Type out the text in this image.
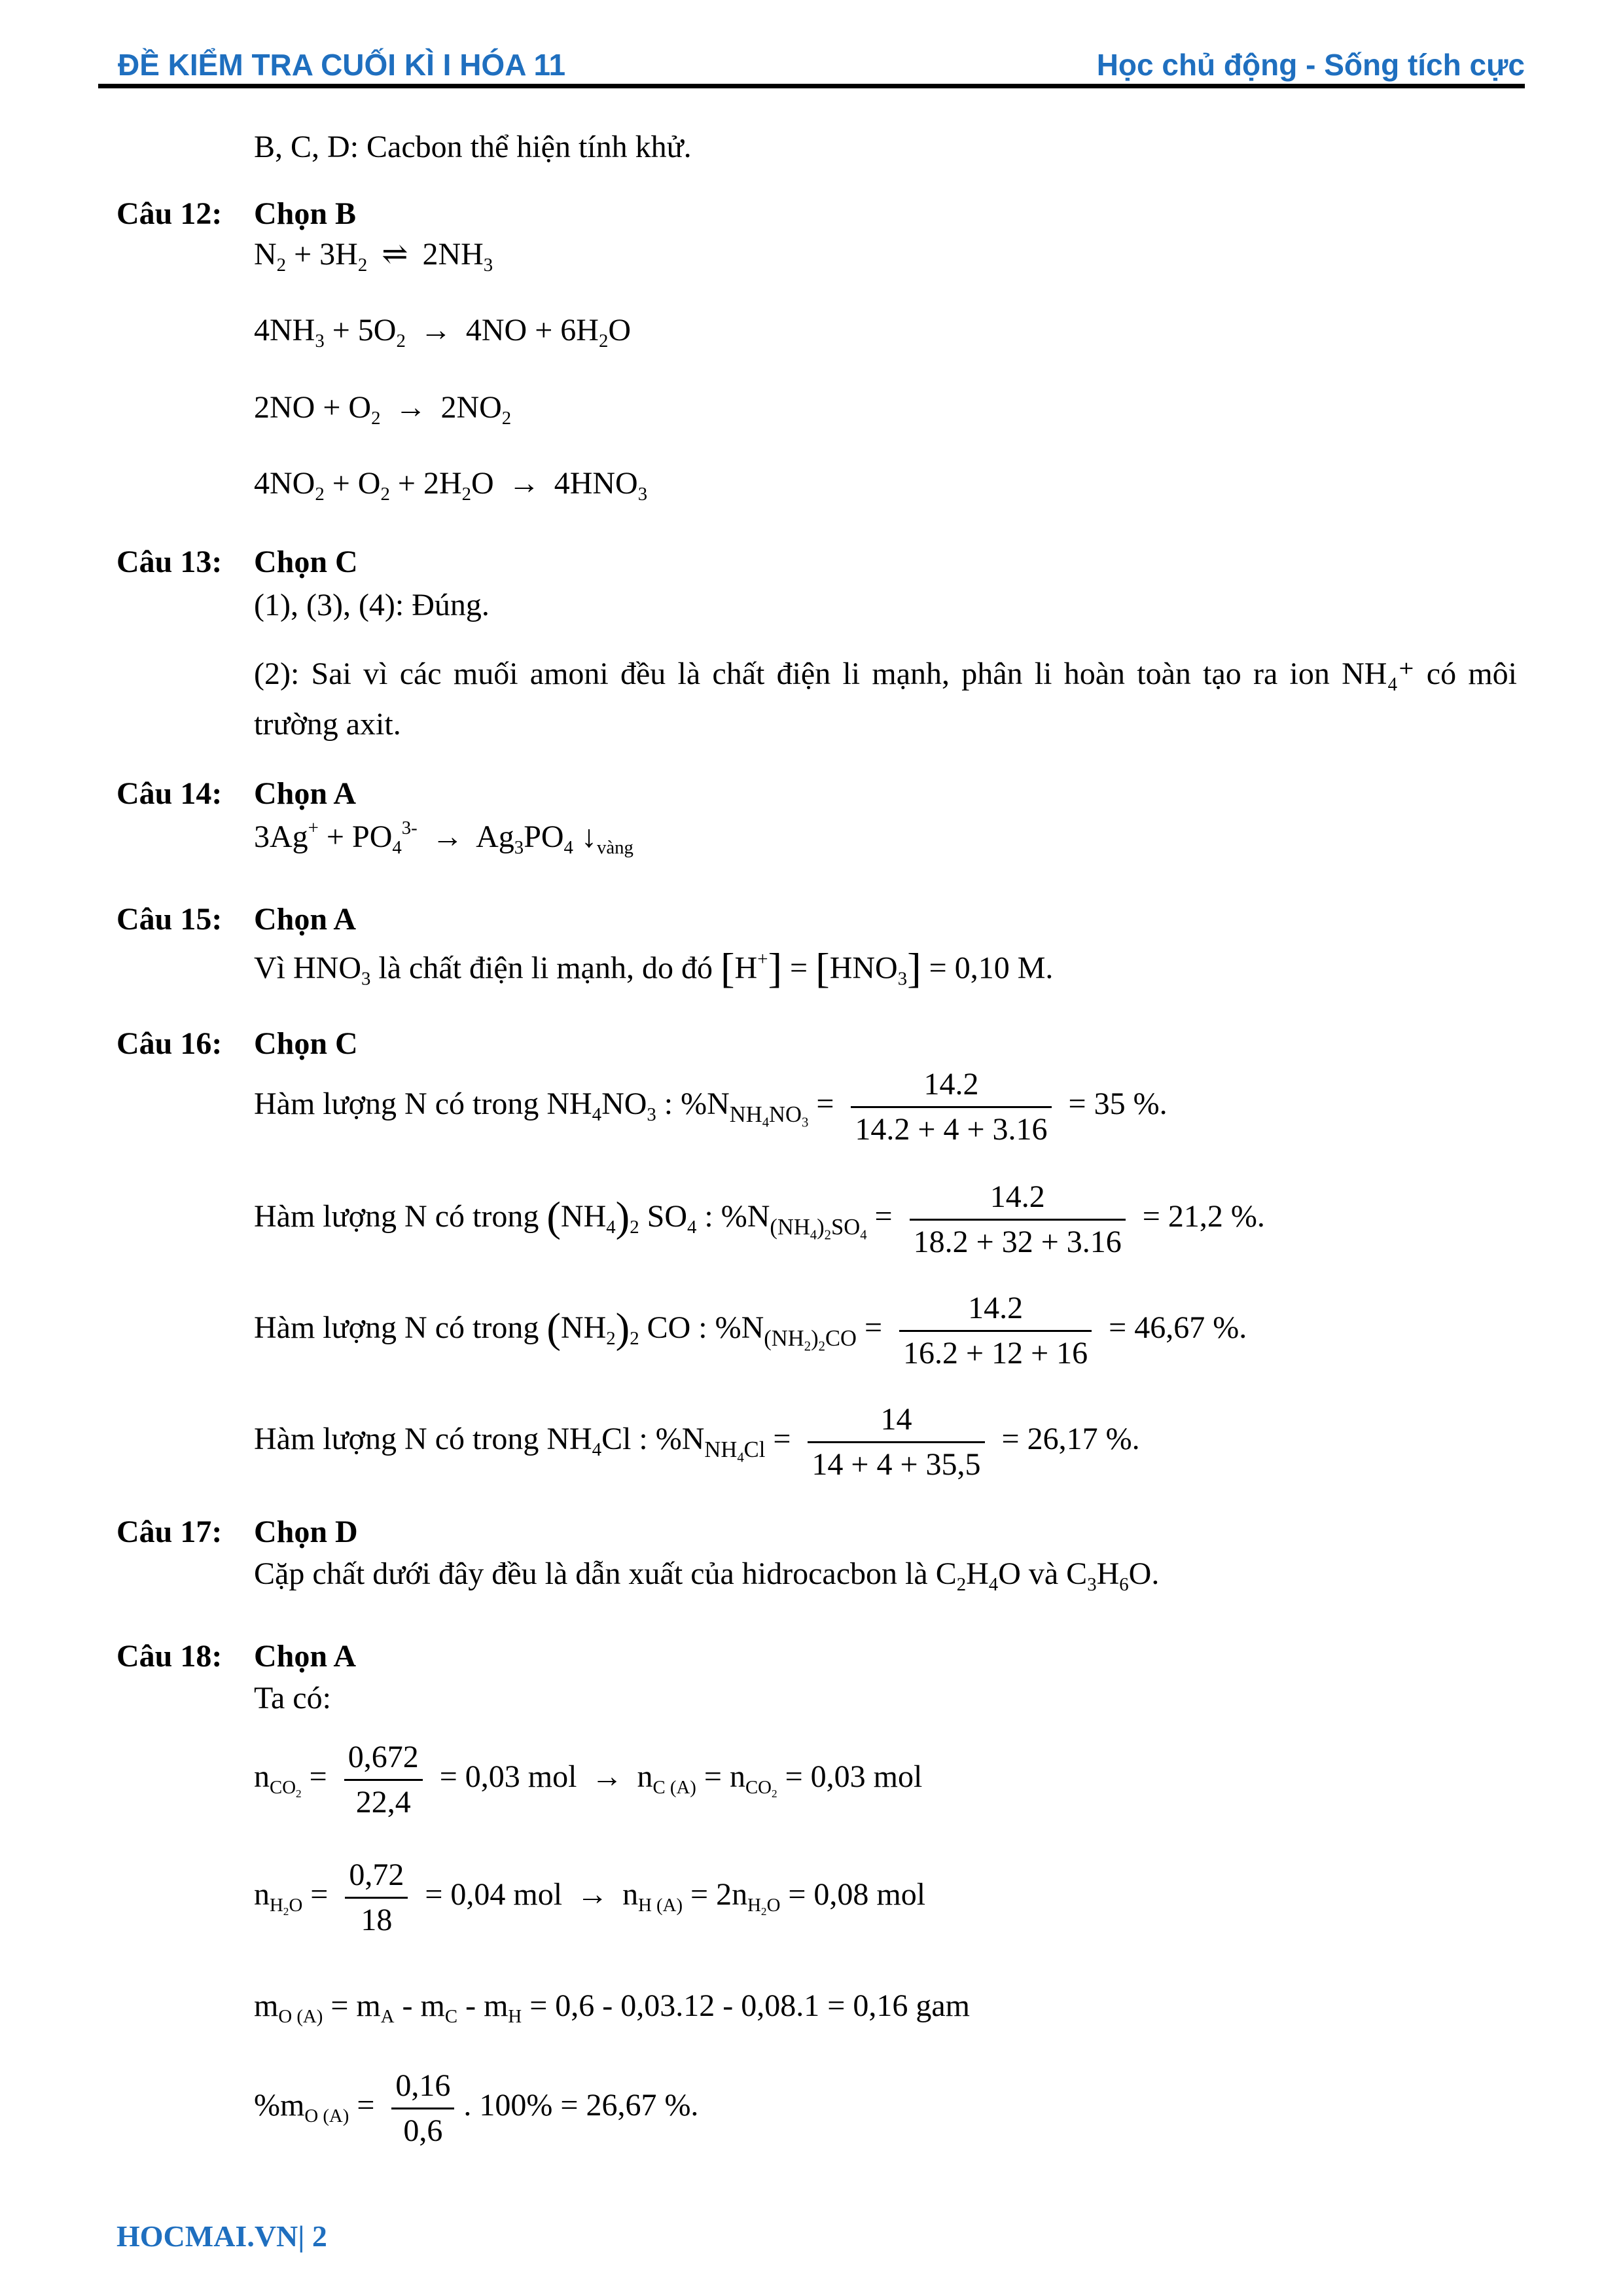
ĐỀ KIỂM TRA CUỐI KÌ I HÓA 11	Học chủ động - Sống tích cực
B, C, D: Cacbon thể hiện tính khử.
Câu 12: Chọn B
$N_2 + 3H_2$ ⇌ $2NH_3$
$4NH_3 + 5O_2 \to 4NO + 6H_2O$
$2NO + O_2 \to 2NO_2$
$4NO_2 + O_2 + 2H_2O \to 4HNO_3$
Câu 13: Chọn C
(1), (3), (4): Đúng.
(2): Sai vì các muối amoni đều là chất điện li mạnh, phân li hoàn toàn tạo ra ion NH₄⁺ có môi trường axit.
Câu 14: Chọn A
$3Ag^+ + PO_4^{3-} \to Ag_3PO_4$ $↓_{vàng}$
Câu 15: Chọn A
Vì $HNO_3$ là chất điện li mạnh, do đó $[H^+] = [HNO_3] = 0,10$ M.
Câu 16: Chọn C
Hàm lượng N có trong $NH_4NO_3$ : $\%N_{NH_4NO_3} = \frac{14.2}{14.2 + 4 + 3.16} = 35$ %.
Hàm lượng N có trong $(NH_4)_2$ $SO_4$ : $\%N_{(NH_4)_2SO_4} = \frac{14.2}{18.2 + 32 + 3.16} = 21,2$ %.
Hàm lượng N có trong $(NH_2)_2$ CO : $\%N_{(NH_2)_2CO} = \frac{14.2}{16.2 + 12 + 16} = 46,67$ %.
Hàm lượng N có trong $NH_4Cl$ : $\%N_{NH_4Cl} = \frac{14}{14 + 4 + 35,5} = 26,17$ %.
Câu 17: Chọn D
Cặp chất dưới đây đều là dẫn xuất của hidrocacbon là $C_2H_4O$ và $C_3H_6O$.
Câu 18: Chọn A
Ta có:
$n_{CO_2} = \frac{0,672}{22,4} = 0,03$ mol → $n_{C (A)} = n_{CO_2} = 0,03$ mol
$n_{H_2O} = \frac{0,72}{18} = 0,04$ mol → $n_{H (A)} = 2n_{H_2O} = 0,08$ mol
$m_{O (A)} = m_A - m_C - m_H = 0,6 - 0,03.12 - 0,08.1 = 0,16$ gam
$\%m_{O (A)} = \frac{0,16}{0,6}$ . 100% = 26,67 %.
HOCMAI.VN| 2
